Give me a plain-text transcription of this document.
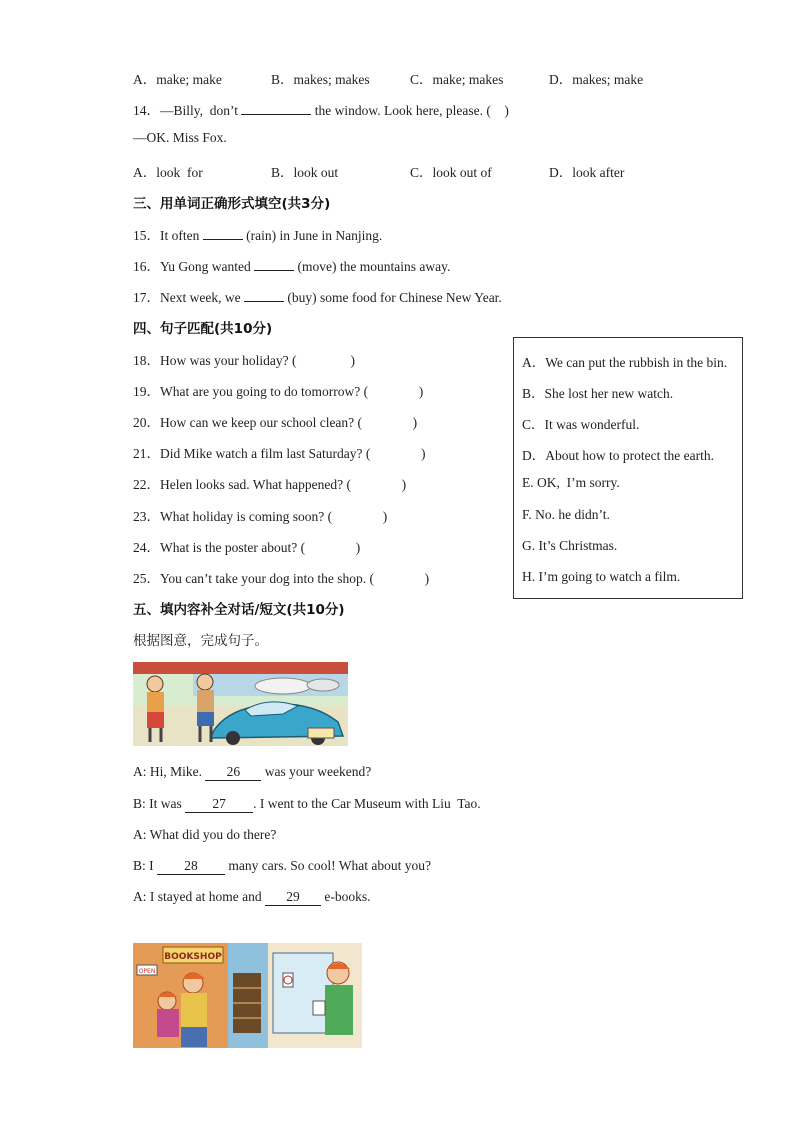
A．make; make	B．makes; makes	C．make; makes	D．makes; make
14．—Billy,  don’t	the window. Look here, please. (    )
—OK. Miss Fox.
A．look  for	B．look out	C．look out of	D．look after
三、用单词正确形式填空(共3分)
15．It often	(rain) in June in Nanjing.
16．Yu Gong wanted	(move) the mountains away.
17．Next week, we	(buy) some food for Chinese New Year.
四、句子匹配(共10分)
18．How was your holiday? (                )
19．What are you going to do tomorrow? (               )
20．How can we keep our school clean? (               )
21．Did Mike watch a film last Saturday? (               )
22．Helen looks sad. What happened? (               )
23．What holiday is coming soon? (               )
24．What is the poster about? (               )
25．You can’t take your dog into the shop. (               )
A．We can put the rubbish in the bin.
B．She lost her new watch.
C．It was wonderful.
D．About how to protect the earth.
E. OK,  I’m sorry.
F. No. he didn’t.
G. It’s Christmas.
H. I’m going to watch a film.
五、填内容补全对话/短文(共10分)
根据图意，完成句子。
A: Hi, Mike. 26 was your weekend?
B: It was 27 . I went to the Car Museum with Liu  Tao.
A: What did you do there?
B: I 28 many cars. So cool! What about you?
A: I stayed at home and 29 e-books.
BOOKSHOP
OPEN
